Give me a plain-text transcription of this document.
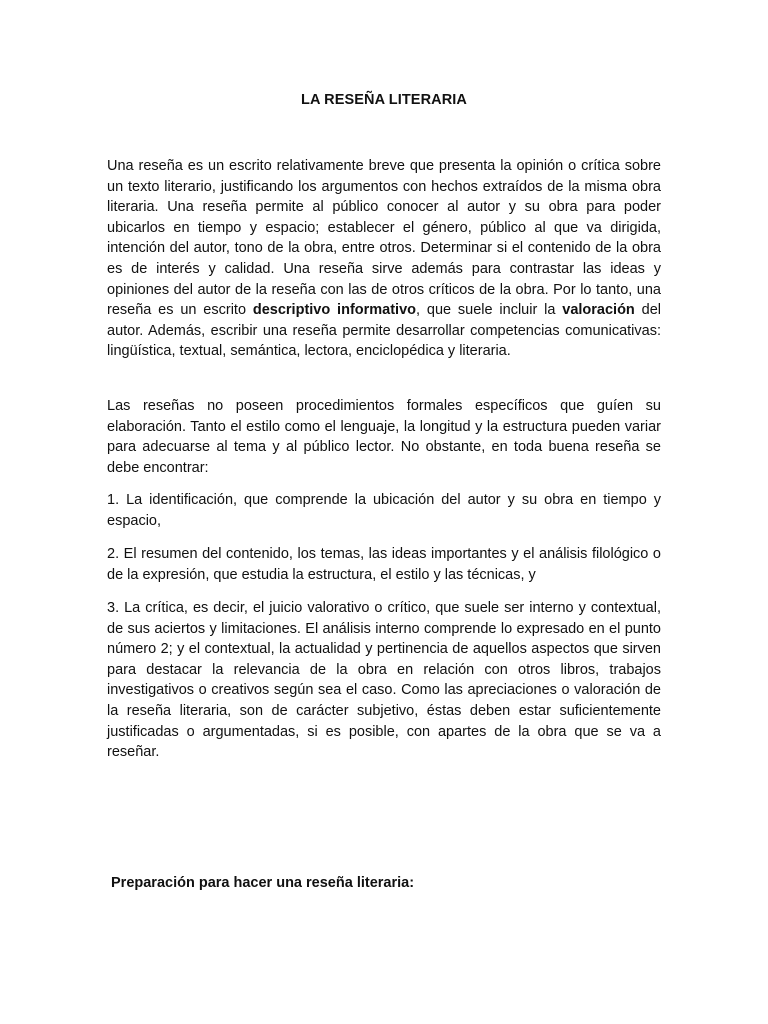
LA RESEÑA LITERARIA

Una reseña es un escrito relativamente breve que presenta la opinión o crítica sobre un texto literario, justificando los argumentos con hechos extraídos de la misma obra literaria. Una reseña permite al público conocer al autor y su obra para poder ubicarlos en tiempo y espacio; establecer el género, público al que va dirigida, intención del autor, tono de la obra, entre otros. Determinar si el contenido de la obra es de interés y calidad. Una reseña sirve además para contrastar las ideas y opiniones del autor de la reseña con las de otros críticos de la obra. Por lo tanto, una reseña es un escrito descriptivo informativo, que suele incluir la valoración del autor. Además, escribir una reseña permite desarrollar competencias comunicativas: lingüística, textual, semántica, lectora, enciclopédica y literaria.

Las reseñas no poseen procedimientos formales específicos que guíen su elaboración. Tanto el estilo como el lenguaje, la longitud y la estructura pueden variar para adecuarse al tema y al público lector. No obstante, en toda buena reseña se debe encontrar:

1. La identificación, que comprende la ubicación del autor y su obra en tiempo y espacio,

2. El resumen del contenido, los temas, las ideas importantes y el análisis filológico o de la expresión, que estudia la estructura, el estilo y las técnicas, y

3. La crítica, es decir, el juicio valorativo o crítico, que suele ser interno y contextual, de sus aciertos y limitaciones. El análisis interno comprende lo expresado en el punto número 2; y el contextual, la actualidad y pertinencia de aquellos aspectos que sirven para destacar la relevancia de la obra en relación con otros libros, trabajos investigativos o creativos según sea el caso. Como las apreciaciones o valoración de la reseña literaria, son de carácter subjetivo, éstas deben estar suficientemente justificadas o argumentadas, si es posible, con apartes de la obra que se va a reseñar.

Preparación para hacer una reseña literaria:
